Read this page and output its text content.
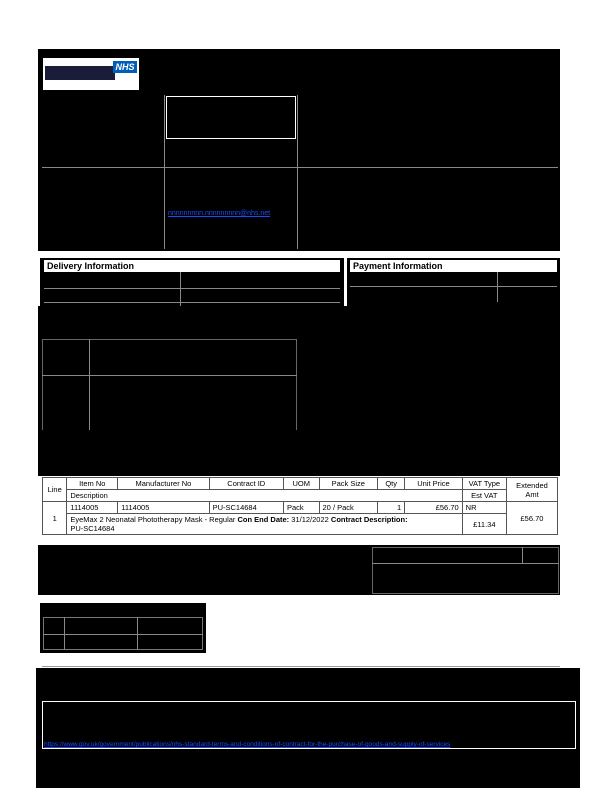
NHS
nnnnnnnnn.nnnnnnnnn@nhs.net
Delivery Information	Payment Information
Line	Item No	Manufacturer No	Contract ID	UOM	Pack Size	Qty	Unit Price	VAT Type	Extended Amt
	Description							Est VAT	
1	1114005	1114005	PU-SC14684	Pack	20 / Pack	1	£56.70	NR	£56.70
	EyeMax 2 Neonatal Phototherapy Mask - Regular Con End Date: 31/12/2022 Contract Description:
PU-SC14684							£11.34	
https://www.gov.uk/government/publications/nhs-standard-terms-and-conditions-of-contract-for-the-purchase-of-goods-and-supply-of-services
